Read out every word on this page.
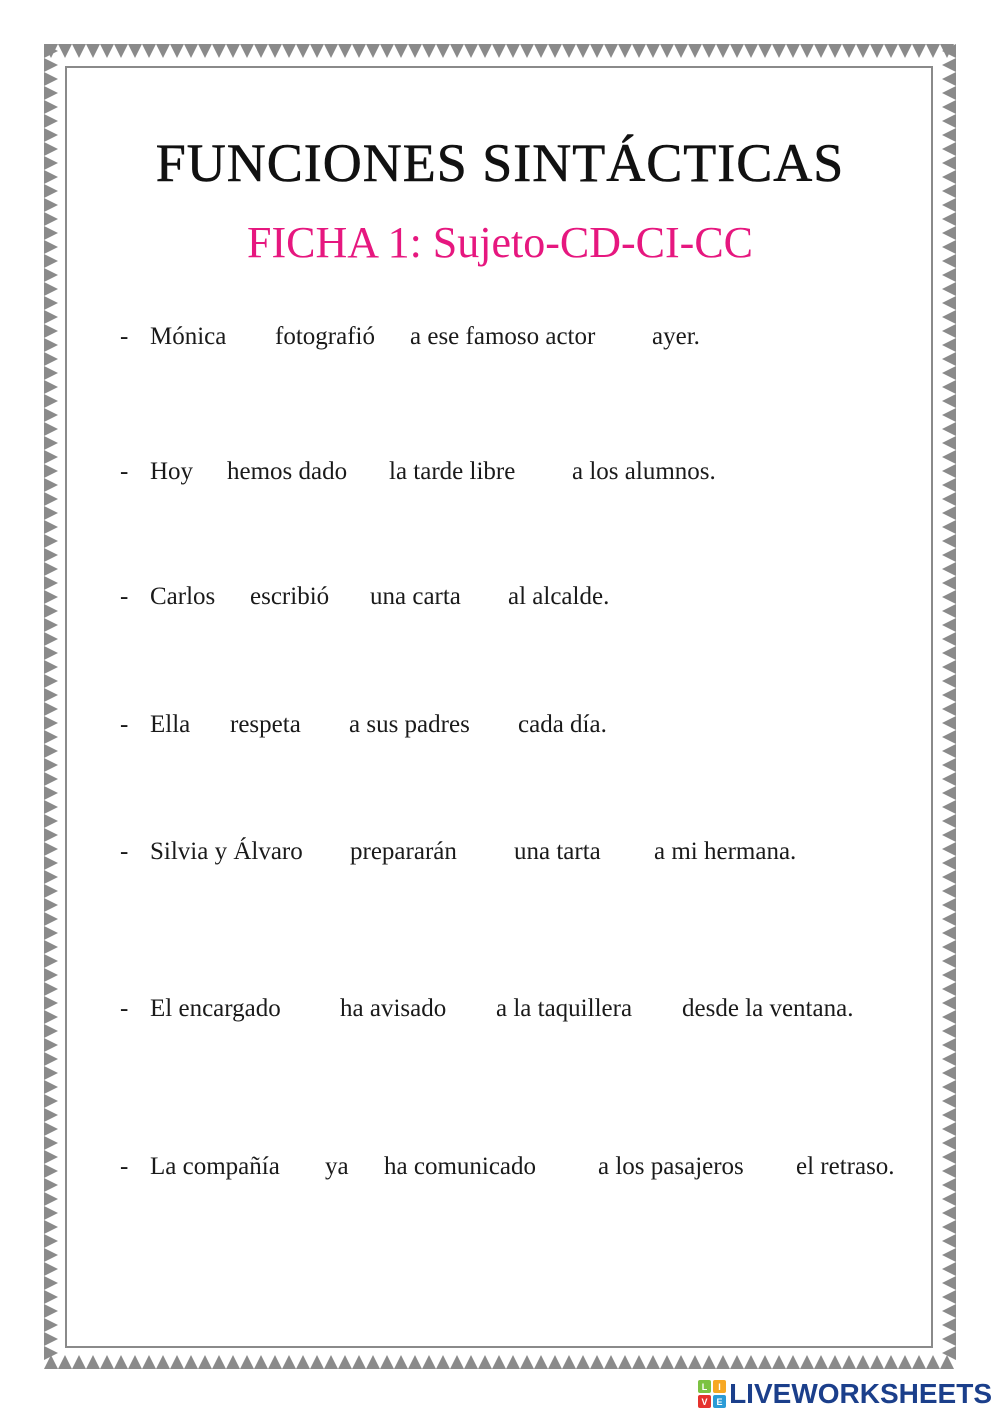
FUNCIONES SINTÁCTICAS
FICHA 1: Sujeto-CD-CI-CC
- Mónica fotografió a ese famoso actor ayer.
- Hoy hemos dado la tarde libre a los alumnos.
- Carlos escribió una carta al alcalde.
- Ella respeta a sus padres cada día.
- Silvia y Álvaro prepararán una tarta a mi hermana.
- El encargado ha avisado a la taquillera desde la ventana.
- La compañía ya ha comunicado a los pasajeros el retraso.
L I
V E LIVEWORKSHEETS
